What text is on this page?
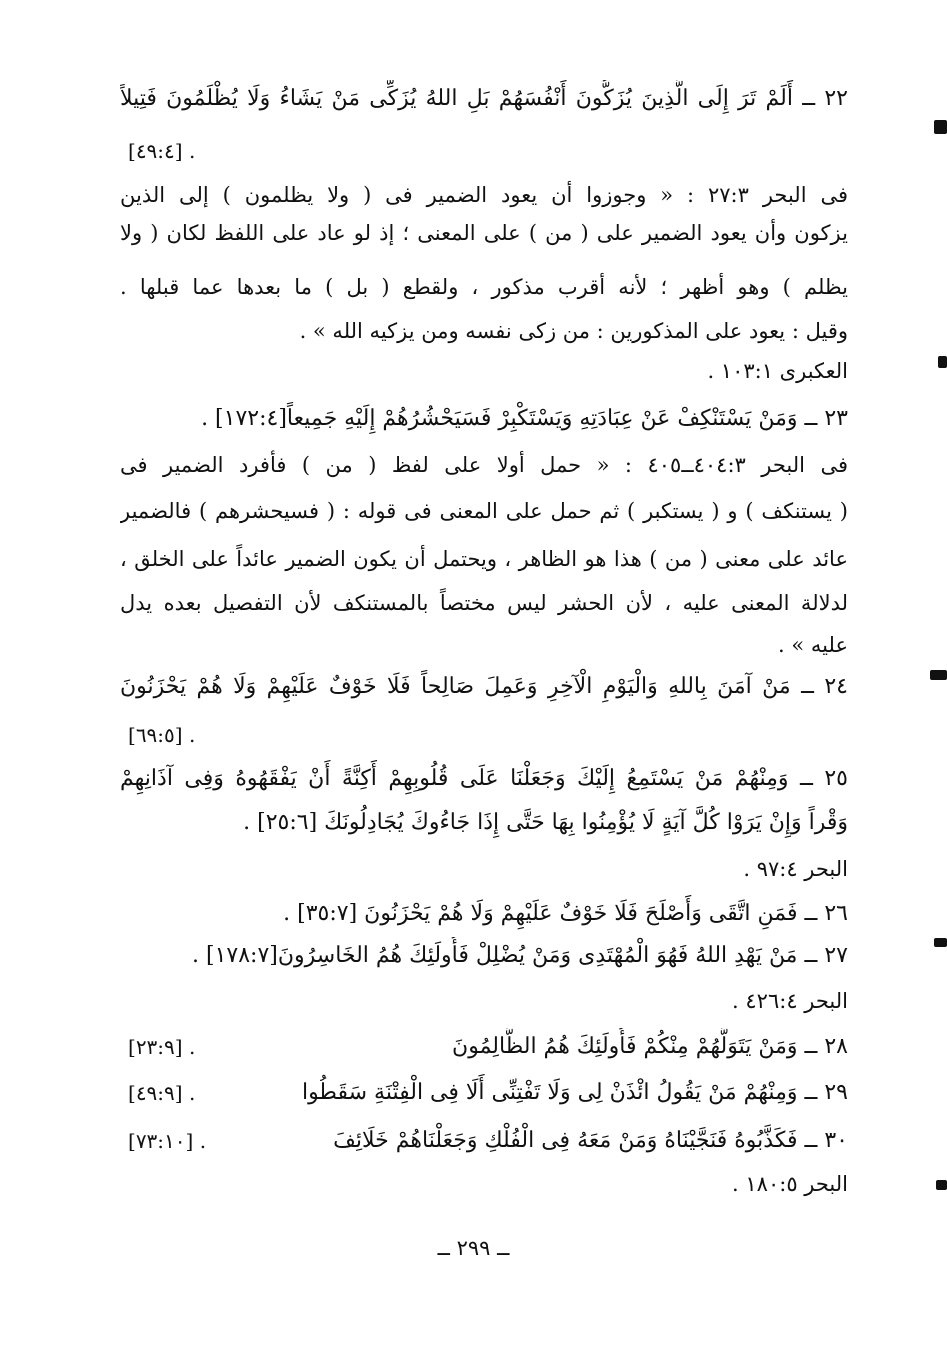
٢٢ ــ أَلَمْ تَرَ إِلَى الَّذِينَ يُزَكُّونَ أَنْفُسَهُمْ بَلِ اللهُ يُزَكِّى مَنْ يَشَاءُ وَلَا يُظْلَمُونَ فَتِيلاً
[٤٩:٤] .
فى البحر ٢٧:٣ : « وجوزوا أن يعود الضمير فى ( ولا يظلمون ) إلى الذين
يزكون وأن يعود الضمير على ( من ) على المعنى ؛ إذ لو عاد على اللفظ لكان ( ولا
يظلم ) وهو أظهر ؛ لأنه أقرب مذكور ، ولقطع ( بل ) ما بعدها عما قبلها .
وقيل : يعود على المذكورين : من زكى نفسه ومن يزكيه الله » .
العكبرى ١٠٣:١ .
٢٣ ــ وَمَنْ يَسْتَنْكِفْ عَنْ عِبَادَتِهِ وَيَسْتَكْبِرْ فَسَيَحْشُرُهُمْ إِلَيْهِ جَمِيعاً[١٧٢:٤] .
فى البحر ٤٠٤:٣ــ٤٠٥ : « حمل أولا على لفظ ( من ) فأفرد الضمير فى
( يستنكف ) و ( يستكبر ) ثم حمل على المعنى فى قوله : ( فسيحشرهم ) فالضمير
عائد على معنى ( من ) هذا هو الظاهر ، ويحتمل أن يكون الضمير عائداً على الخلق ،
لدلالة المعنى عليه ، لأن الحشر ليس مختصاً بالمستنكف لأن التفصيل بعده يدل
عليه » .
٢٤ ــ مَنْ آمَنَ بِاللهِ وَالْيَوْمِ الْآخِرِ وَعَمِلَ صَالِحاً فَلَا خَوْفٌ عَلَيْهِمْ وَلَا هُمْ يَحْزَنُونَ
[٦٩:٥] .
٢٥ ــ وَمِنْهُمْ مَنْ يَسْتَمِعُ إِلَيْكَ وَجَعَلْنَا عَلَى قُلُوبِهِمْ أَكِنَّةً أَنْ يَفْقَهُوهُ وَفِى آذَانِهِمْ
وَقْراً وَإِنْ يَرَوْا كُلَّ آيَةٍ لَا يُؤْمِنُوا بِهَا حَتَّى إِذَا جَاءُوكَ يُجَادِلُونَكَ [٢٥:٦] .
البحر ٩٧:٤ .
٢٦ ــ فَمَنِ اتَّقَى وَأَصْلَحَ فَلَا خَوْفٌ عَلَيْهِمْ وَلَا هُمْ يَحْزَنُونَ [٣٥:٧] .
٢٧ ــ مَنْ يَهْدِ اللهُ فَهُوَ الْمُهْتَدِى وَمَنْ يُضْلِلْ فَأُولَئِكَ هُمُ الخَاسِرُونَ[١٧٨:٧] .
البحر ٤٢٦:٤ .
٢٨ ــ وَمَنْ يَتَوَلَّهُمْ مِنْكُمْ فَأُولَئِكَ هُمُ الظَّالِمُونَ
[٢٣:٩] .
٢٩ ــ وَمِنْهُمْ مَنْ يَقُولُ ائْذَنْ لِى وَلَا تَفْتِنِّى أَلَا فِى الْفِتْنَةِ سَقَطُوا
[٤٩:٩] .
٣٠ ــ فَكَذَّبُوهُ فَنَجَّيْنَاهُ وَمَنْ مَعَهُ فِى الْفُلْكِ وَجَعَلْنَاهُمْ خَلَائِفَ
[٧٣:١٠] .
البحر ١٨٠:٥ .
ــ ٢٩٩ ــ
